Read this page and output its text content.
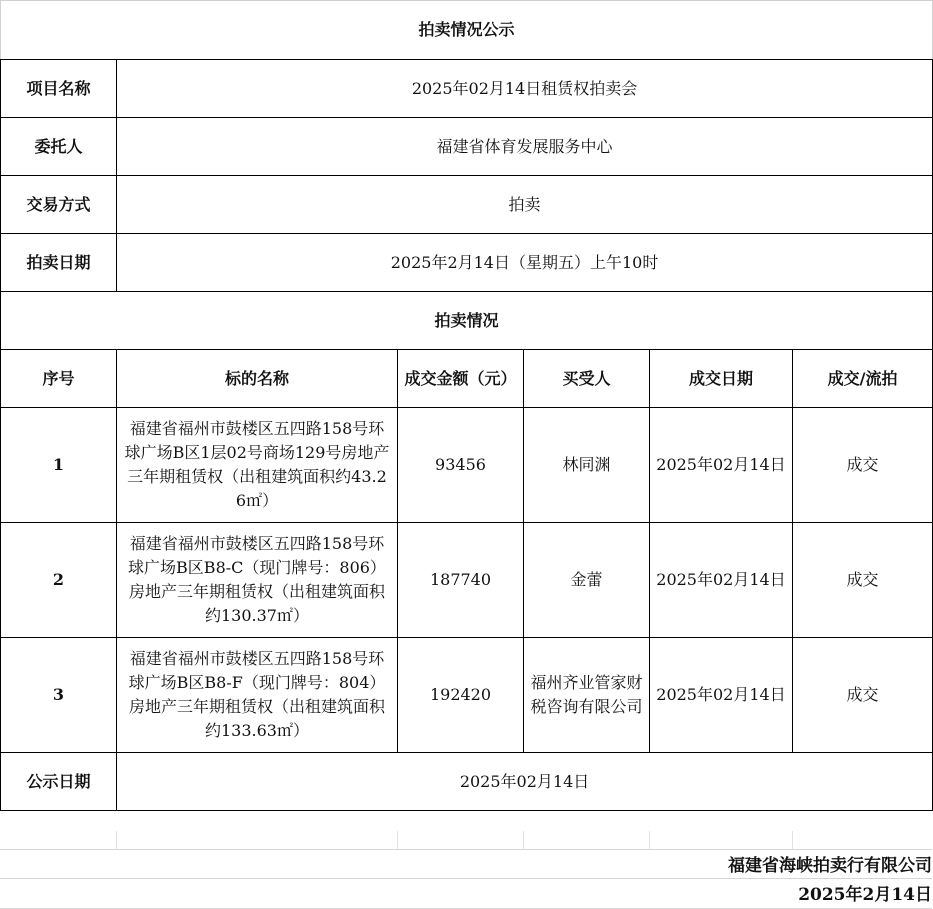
拍卖情况公示					
项目名称	2025年02月14日租赁权拍卖会				
委托人	福建省体育发展服务中心				
交易方式	拍卖				
拍卖日期	2025年2月14日（星期五）上午10时				
拍卖情况					
序号	标的名称	成交金额（元）	买受人	成交日期	成交/流拍
1	福建省福州市鼓楼区五四路158号环球广场B区1层02号商场129号房地产三年期租赁权（出租建筑面积约43.26㎡）	93456	林同渊	2025年02月14日	成交
2	福建省福州市鼓楼区五四路158号环球广场B区B8-C（现门牌号：806）房地产三年期租赁权（出租建筑面积约130.37㎡）	187740	金蕾	2025年02月14日	成交
3	福建省福州市鼓楼区五四路158号环球广场B区B8-F（现门牌号：804）房地产三年期租赁权（出租建筑面积约133.63㎡）	192420	福州齐业管家财税咨询有限公司	2025年02月14日	成交
公示日期	2025年02月14日				
福建省海峡拍卖行有限公司
2025年2月14日
